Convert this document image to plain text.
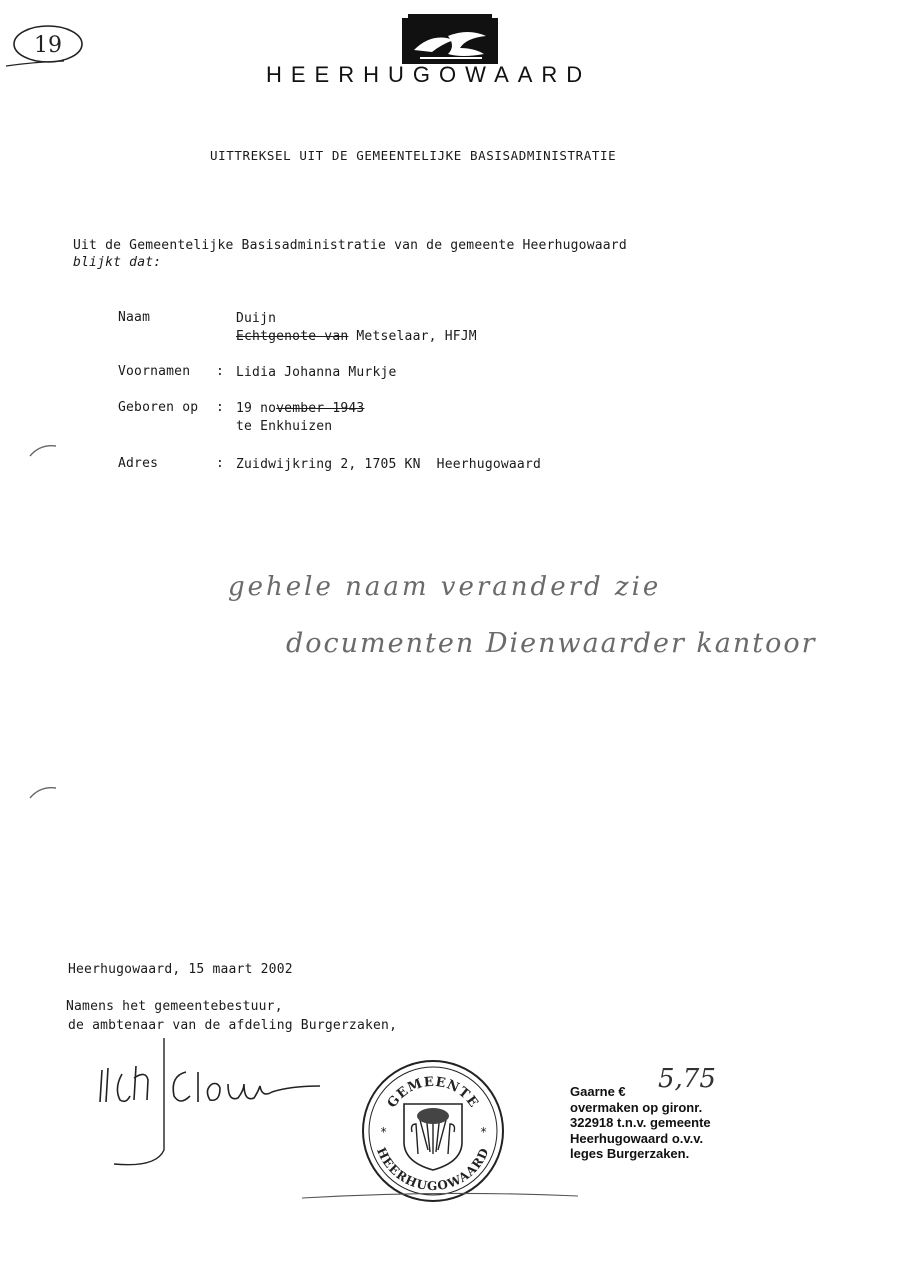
19
HEERHUGOWAARD
UITTREKSEL UIT DE GEMEENTELIJKE BASISADMINISTRATIE
Uit de Gemeentelijke Basisadministratie van de gemeente Heerhugowaard
blijkt dat:
Naam	Duijn
Echtgenote van Metselaar, HFJM
Voornamen : Lidia Johanna Murkje
Geboren op : 19 november 1943
te Enkhuizen
Adres	: Zuidwijkring 2, 1705 KN  Heerhugowaard
gehele naam veranderd zie
documenten Dienwaarder kantoor
Heerhugowaard, 15 maart 2002
Namens het gemeentebestuur,
de ambtenaar van de afdeling Burgerzaken,
GEMEENTE
HEERHUGOWAARD
*	*
Gaarne € 5,75
overmaken op gironr.
322918 t.n.v. gemeente
Heerhugowaard o.v.v.
leges Burgerzaken.
